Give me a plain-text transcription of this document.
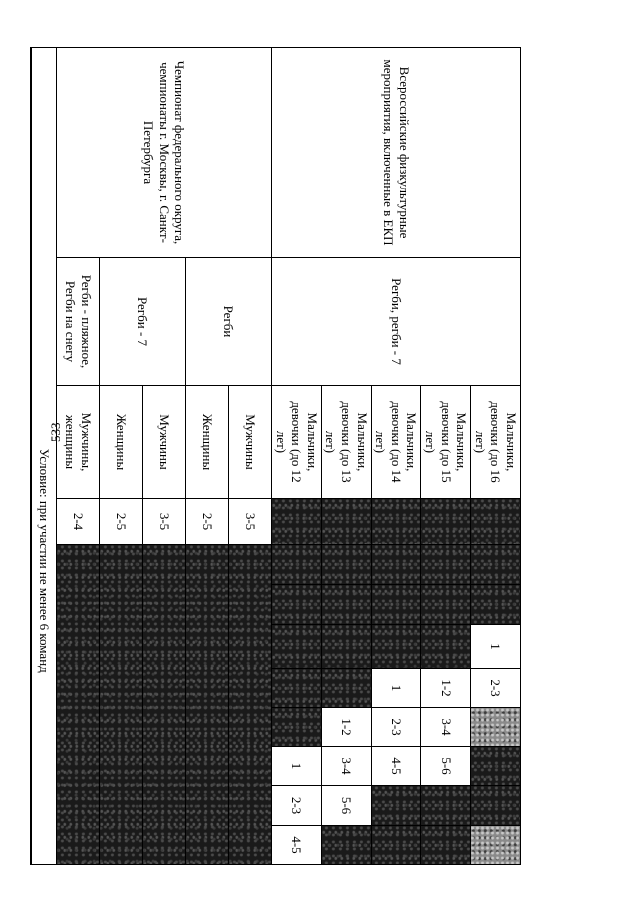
533
Всероссийские физкультурные мероприятия, включенные в ЕКП	Регби, регби - 7	Мальчики, девочки (до 16 лет)				1	2-3				
		Мальчики, девочки (до 15 лет)					1-2	3-4	5-6		
		Мальчики, девочки (до 14 лет)					1	2-3	4-5		
		Мальчики, девочки (до 13 лет)						1-2	3-4	5-6	
		Мальчики, девочки (до 12 лет)							1	2-3	4-5
Чемпионат федерального округа, чемпионаты г. Москвы, г. Санкт-Петербурга	Регби	Мужчины	3-5								
		Женщины	2-5								
	Регби - 7	Мужчины	3-5								
		Женщины	2-5								
	Регби - пляжное, Регби на снегу	Мужчины, женщины	2-4								
	Условие: при участии не менее 6 команд										
